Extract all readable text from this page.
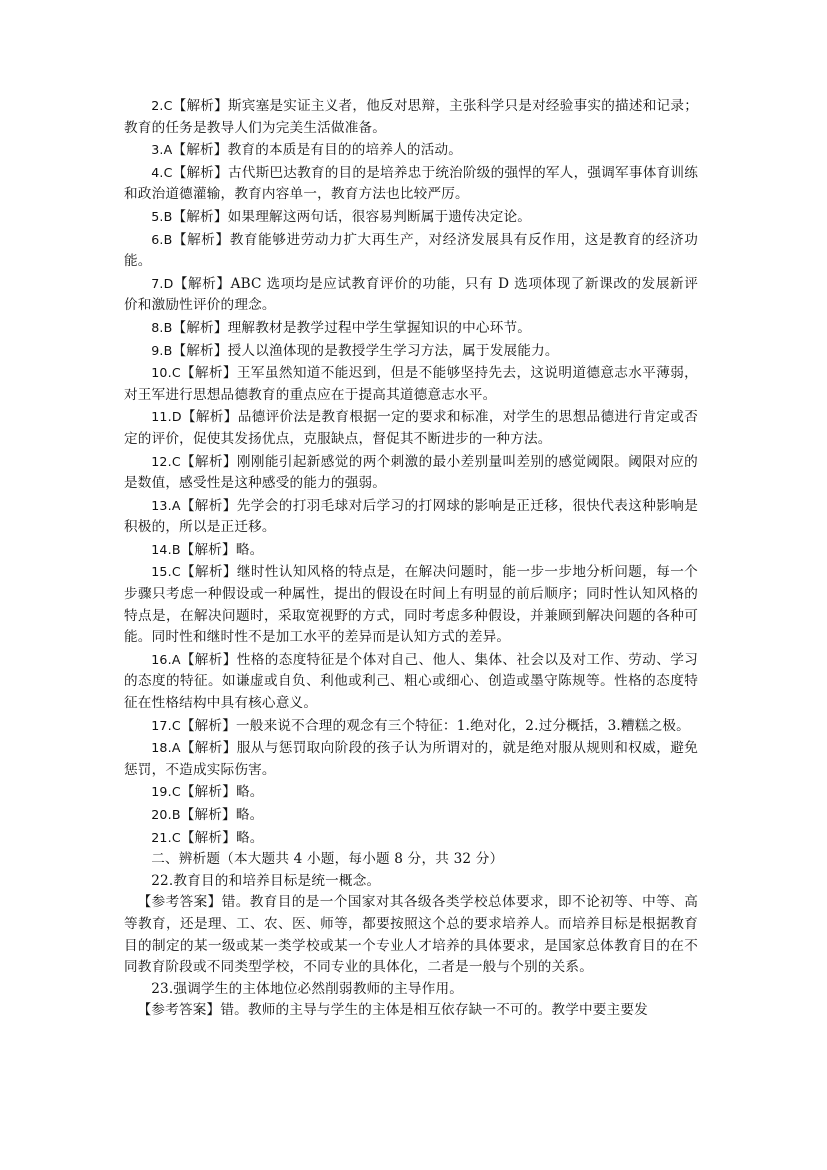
2.C【解析】斯宾塞是实证主义者，他反对思辩，主张科学只是对经验事实的描述和记录；教育的任务是教导人们为完美生活做准备。

3.A【解析】教育的本质是有目的的培养人的活动。

4.C【解析】古代斯巴达教育的目的是培养忠于统治阶级的强悍的军人，强调军事体育训练和政治道德灌输，教育内容单一，教育方法也比较严厉。

5.B【解析】如果理解这两句话，很容易判断属于遗传决定论。

6.B【解析】教育能够进劳动力扩大再生产，对经济发展具有反作用，这是教育的经济功能。

7.D【解析】ABC 选项均是应试教育评价的功能，只有 D 选项体现了新课改的发展新评价和激励性评价的理念。

8.B【解析】理解教材是教学过程中学生掌握知识的中心环节。

9.B【解析】授人以渔体现的是教授学生学习方法，属于发展能力。

10.C【解析】王军虽然知道不能迟到，但是不能够坚持先去，这说明道德意志水平薄弱，对王军进行思想品德教育的重点应在于提高其道德意志水平。

11.D【解析】品德评价法是教育根据一定的要求和标准，对学生的思想品德进行肯定或否定的评价，促使其发扬优点，克服缺点，督促其不断进步的一种方法。

12.C【解析】刚刚能引起新感觉的两个刺激的最小差别量叫差别的感觉阈限。阈限对应的是数值，感受性是这种感受的能力的强弱。

13.A【解析】先学会的打羽毛球对后学习的打网球的影响是正迁移，很快代表这种影响是积极的，所以是正迁移。

14.B【解析】略。

15.C【解析】继时性认知风格的特点是，在解决问题时，能一步一步地分析问题，每一个步骤只考虑一种假设或一种属性，提出的假设在时间上有明显的前后顺序；同时性认知风格的特点是，在解决问题时，采取宽视野的方式，同时考虑多种假设，并兼顾到解决问题的各种可能。同时性和继时性不是加工水平的差异而是认知方式的差异。

16.A【解析】性格的态度特征是个体对自己、他人、集体、社会以及对工作、劳动、学习的态度的特征。如谦虚或自负、利他或利己、粗心或细心、创造或墨守陈规等。性格的态度特征在性格结构中具有核心意义。

17.C【解析】一般来说不合理的观念有三个特征：1.绝对化，2.过分概括，3.糟糕之极。

18.A【解析】服从与惩罚取向阶段的孩子认为所谓对的，就是绝对服从规则和权威，避免惩罚，不造成实际伤害。

19.C【解析】略。

20.B【解析】略。

21.C【解析】略。

二、辨析题（本大题共 4 小题，每小题 8 分，共 32 分）

22.教育目的和培养目标是统一概念。

【参考答案】错。教育目的是一个国家对其各级各类学校总体要求，即不论初等、中等、高等教育，还是理、工、农、医、师等，都要按照这个总的要求培养人。而培养目标是根据教育目的制定的某一级或某一类学校或某一个专业人才培养的具体要求，是国家总体教育目的在不同教育阶段或不同类型学校，不同专业的具体化，二者是一般与个别的关系。

23.强调学生的主体地位必然削弱教师的主导作用。

【参考答案】错。教师的主导与学生的主体是相互依存缺一不可的。教学中要主要发
